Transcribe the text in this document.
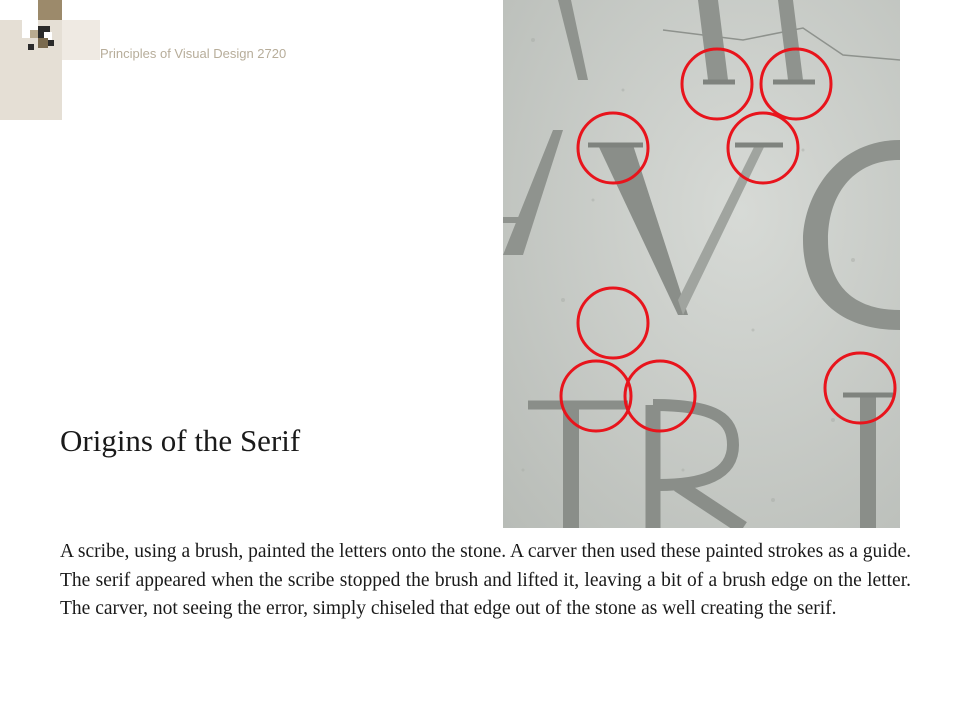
Principles of Visual Design 2720
Origins of the Serif

A scribe, using a brush, painted the letters onto the stone. A carver then used these painted strokes as a guide. The serif appeared when the scribe stopped the brush and lifted it, leaving a bit of a brush edge on the letter. The carver, not seeing the error, simply chiseled that edge out of the stone as well creating the serif.
